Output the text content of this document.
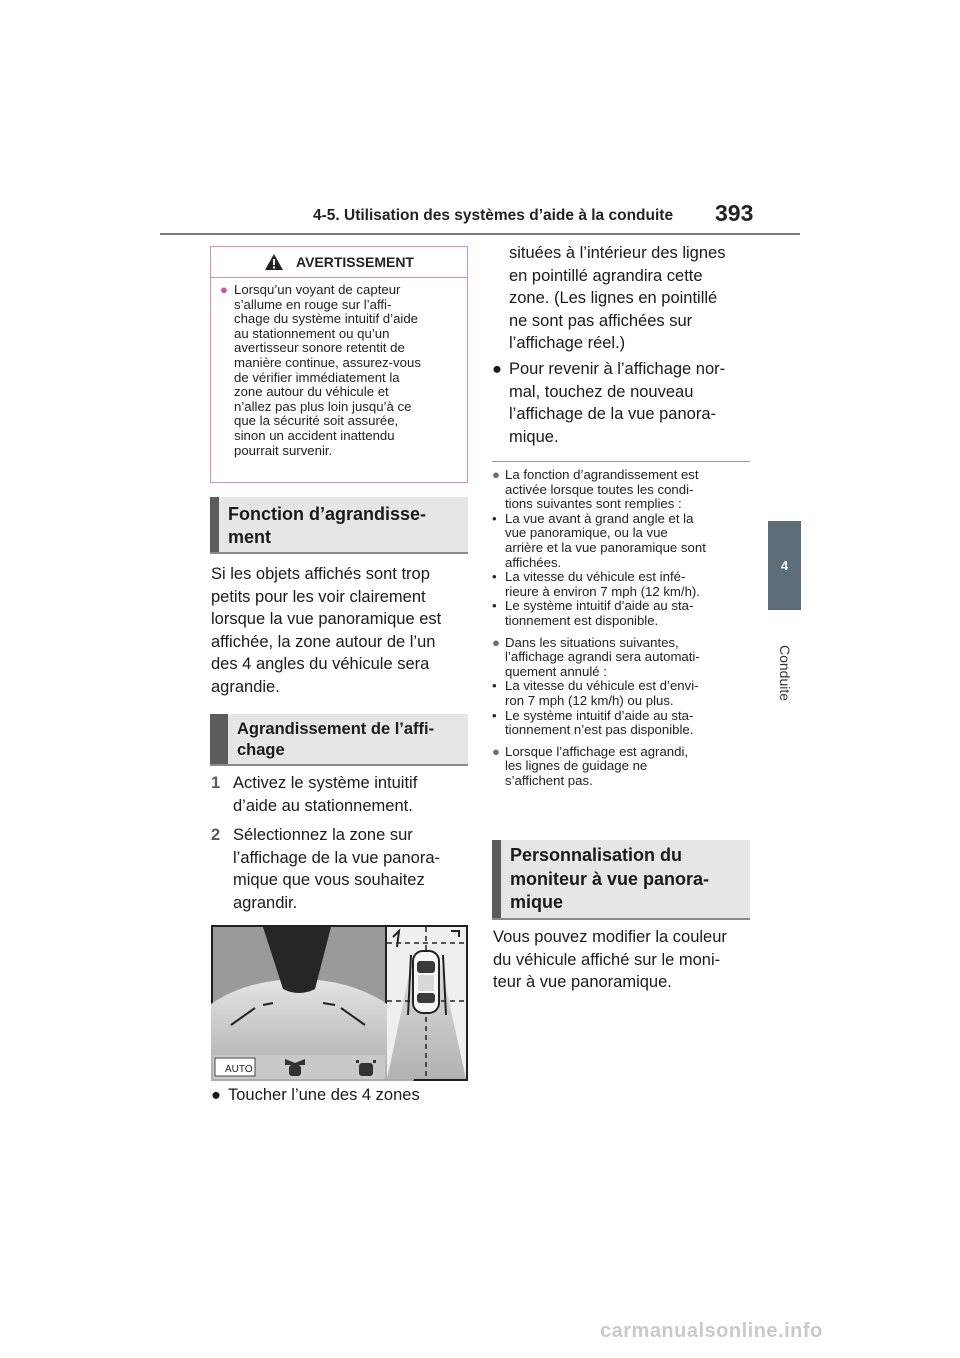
4-5. Utilisation des systèmes d’aide à la conduite 393
4
Conduite
AVERTISSEMENT
● Lorsqu’un voyant de capteur
s’allume en rouge sur l’affi-
chage du système intuitif d’aide
au stationnement ou qu’un
avertisseur sonore retentit de
manière continue, assurez-vous
de vérifier immédiatement la
zone autour du véhicule et
n’allez pas plus loin jusqu’à ce
que la sécurité soit assurée,
sinon un accident inattendu
pourrait survenir.
Fonction d’agrandisse-
ment
Si les objets affichés sont trop
petits pour les voir clairement
lorsque la vue panoramique est
affichée, la zone autour de l’un
des 4 angles du véhicule sera
agrandie.
Agrandissement de l’affi-
chage
1 Activez le système intuitif
d’aide au stationnement.
2 Sélectionnez la zone sur
l’affichage de la vue panora-
mique que vous souhaitez
agrandir.
AUTO
● Toucher l’une des 4 zones
situées à l’intérieur des lignes
en pointillé agrandira cette
zone. (Les lignes en pointillé
ne sont pas affichées sur
l’affichage réel.)
● Pour revenir à l’affichage nor-
mal, touchez de nouveau
l’affichage de la vue panora-
mique.
● La fonction d’agrandissement est
activée lorsque toutes les condi-
tions suivantes sont remplies :
• La vue avant à grand angle et la
vue panoramique, ou la vue
arrière et la vue panoramique sont
affichées.
• La vitesse du véhicule est infé-
rieure à environ 7 mph (12 km/h).
• Le système intuitif d’aide au sta-
tionnement est disponible.
● Dans les situations suivantes,
l’affichage agrandi sera automati-
quement annulé :
• La vitesse du véhicule est d’envi-
ron 7 mph (12 km/h) ou plus.
• Le système intuitif d’aide au sta-
tionnement n’est pas disponible.
● Lorsque l’affichage est agrandi,
les lignes de guidage ne
s’affichent pas.
Personnalisation du
moniteur à vue panora-
mique
Vous pouvez modifier la couleur
du véhicule affiché sur le moni-
teur à vue panoramique.
carmanualsonline.info
